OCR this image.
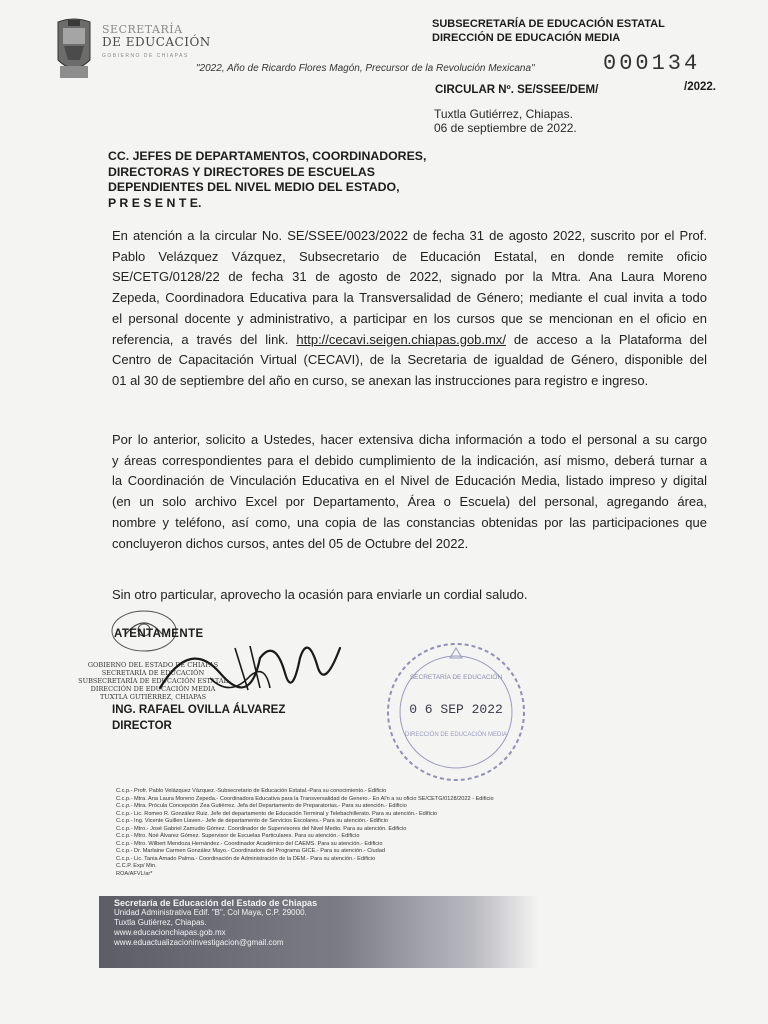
SECRETARÍA
DE EDUCACIÓN
GOBIERNO DE CHIAPAS
SUBSECRETARÍA DE EDUCACIÓN ESTATAL
DIRECCIÓN DE EDUCACIÓN MEDIA
"2022, Año de Ricardo Flores Magón, Precursor de la Revolución Mexicana"	000134
CIRCULAR Nº. SE/SSEE/DEM/	/2022.
Tuxtla Gutiérrez, Chiapas.
06 de septiembre de 2022.
CC. JEFES DE DEPARTAMENTOS, COORDINADORES,
DIRECTORAS Y DIRECTORES DE ESCUELAS
DEPENDIENTES DEL NIVEL MEDIO DEL ESTADO,
P R E S E N T E.
En atención a la circular No. SE/SSEE/0023/2022 de fecha 31 de agosto 2022, suscrito por el Prof.
Pablo Velázquez Vázquez, Subsecretario de Educación Estatal, en donde remite oficio
SE/CETG/0128/22 de fecha 31 de agosto de 2022, signado por la Mtra. Ana Laura Moreno
Zepeda, Coordinadora Educativa para la Transversalidad de Género; mediante el cual invita a todo
el personal docente y administrativo, a participar en los cursos que se mencionan en el oficio en
referencia, a través del link. http://cecavi.seigen.chiapas.gob.mx/ de acceso a la Plataforma del
Centro de Capacitación Virtual (CECAVI), de la Secretaria de igualdad de Género, disponible del
01 al 30 de septiembre del año en curso, se anexan las instrucciones para registro e ingreso.
Por lo anterior, solicito a Ustedes, hacer extensiva dicha información a todo el personal a su cargo
y áreas correspondientes para el debido cumplimiento de la indicación, así mismo, deberá turnar a
la Coordinación de Vinculación Educativa en el Nivel de Educación Media, listado impreso y digital
(en un solo archivo Excel por Departamento, Área o Escuela) del personal, agregando área,
nombre y teléfono, así como, una copia de las constancias obtenidas por las participaciones que
concluyeron dichos cursos, antes del 05 de Octubre del 2022.
Sin otro particular, aprovecho la ocasión para enviarle un cordial saludo.
ATENTAMENTE
GOBIERNO DEL ESTADO DE CHIAPAS
SECRETARÍA DE EDUCACIÓN
SUBSECRETARÍA DE EDUCACIÓN ESTATAL
DIRECCIÓN DE EDUCACIÓN MEDIA
TUXTLA GUTIÉRREZ, CHIAPAS
ING. RAFAEL OVILLA ÁLVAREZ
DIRECTOR
SECRETARÍA DE EDUCACIÓN
0 6 SEP 2022
DIRECCIÓN DE EDUCACIÓN MEDIA
C.c.p.- Profr. Pablo Velázquez Vázquez.-Subsecretario de Educación Estatal.-Para su conocimiento.- Edificio
C.c.p.- Mtra. Ana Laura Moreno Zepeda.- Coordinadora Educativa para la Transversalidad de Genero.- En Al'n a su oficio SE/CETG/0128/2022 - Edificio
C.c.p.- Mtra. Prócula Concepción Zea Gutiérrez. Jefa del Departamento de Preparatorias.- Para su atención.- Edificio
C.c.p.- Lic. Romeo R. González Ruiz. Jefe del departamento de Educación Terminal y Telebachillerato. Para su atención.- Edificio
C.c.p.- Ing. Vicente Guillen Llaven.- Jefe de departamento de Servicios Escolares.- Para su atención.- Edificio
C.c.p.- Mtro.- José Gabriel Zamudio Gómez. Coordinador de Supervisores del Nivel Medio. Para su atención. Edificio
C.c.p.- Mtro. Noé Álvarez Gómez. Supervisor de Escuelas Particulares. Para su atención.- Edificio
C.c.p.- Mtro. Wilbert Mendoza Hernández.- Coordinador Académico del CAEMS. Para su atención.- Edificio
C.c.p.- Dr. Marlaine Carmen González Mayo.- Coordinadora del Programa GICE.- Para su atención.- Ciudad
C.c.p.- Lic. Tania Amado Palma.- Coordinación de Administración de la DEM.- Para su atención.- Edificio
C.C.P. Exp/ Min.
ROA/AFVL/ar*
Secretaría de Educación del Estado de Chiapas
Unidad Administrativa Edif. "B", Col Maya, C.P. 29000.
Tuxtla Gutiérrez, Chiapas.
www.educacionchiapas.gob.mx
www.eduactualizacioninvestigacion@gmail.com
